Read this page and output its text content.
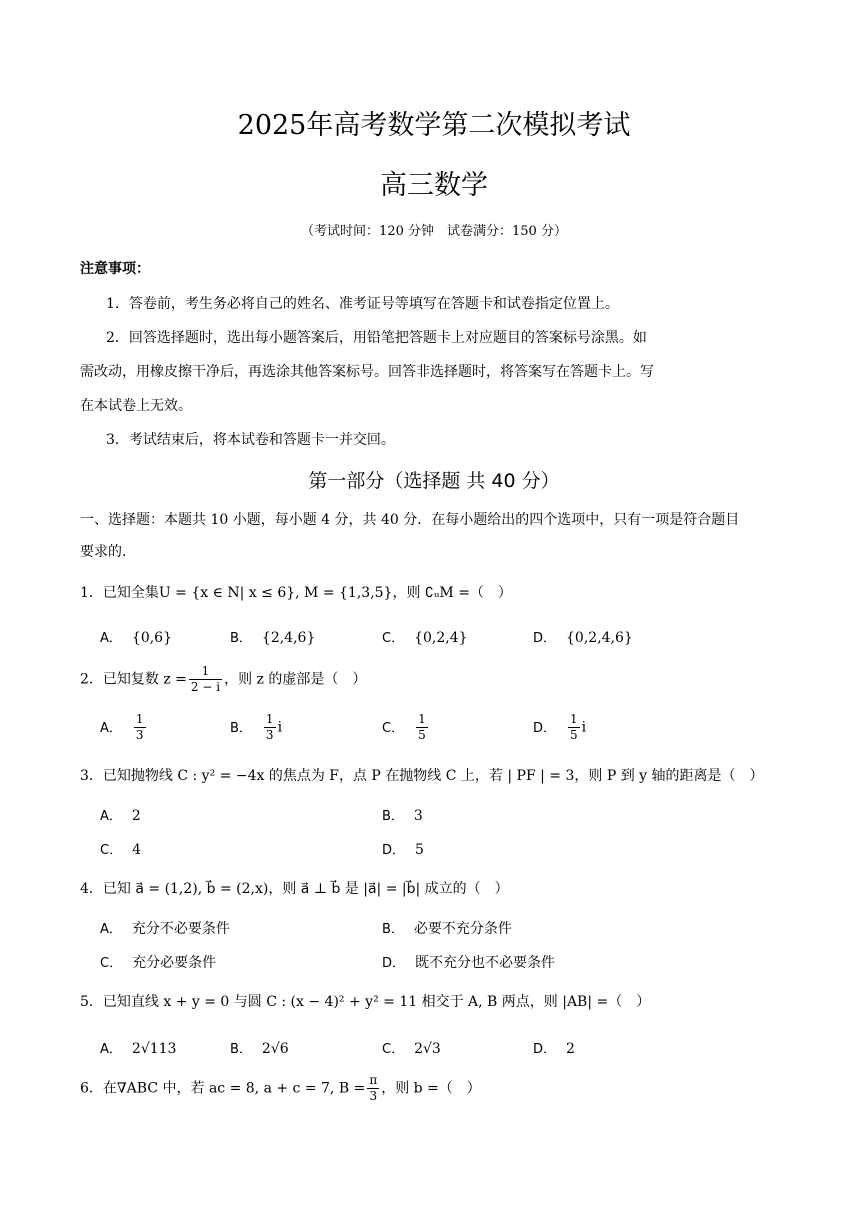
2025年高考数学第二次模拟考试
高三数学
（考试时间：120 分钟　试卷满分：150 分）
注意事项：
1．答卷前，考生务必将自己的姓名、准考证号等填写在答题卡和试卷指定位置上。
2．回答选择题时，选出每小题答案后，用铅笔把答题卡上对应题目的答案标号涂黑。如
需改动，用橡皮擦干净后，再选涂其他答案标号。回答非选择题时，将答案写在答题卡上。写
在本试卷上无效。
3．考试结束后，将本试卷和答题卡一并交回。
第一部分（选择题 共 40 分）
一、选择题：本题共 10 小题，每小题 4 分，共 40 分．在每小题给出的四个选项中，只有一项是符合题目
要求的．
1．已知全集U = {x ∈ N| x ≤ 6}, M = {1,3,5}，则 ∁ᵤM =（　）
A． {0,6}	B． {2,4,6}	C． {0,2,4}	D． {0,2,4,6}
2．已知复数 $z = \frac{1}{2 - i}$ ，则 z 的虚部是（　）
A． $\frac{1}{3}$	B． $\frac{1}{3}$ i	C． $\frac{1}{5}$	D． $\frac{1}{5}$ i
3．已知抛物线 C : y² = −4x 的焦点为 F，点 P 在抛物线 C 上，若 | PF | = 3，则 P 到 y 轴的距离是（　）
A． 2	B． 3
C． 4	D． 5
4．已知 a⃗ = (1,2), b⃗ = (2,x)，则 a⃗ ⊥ b⃗ 是 |a⃗| = |b⃗| 成立的（　）
A． 充分不必要条件	B． 必要不充分条件
C． 充分必要条件	D． 既不充分也不必要条件
5．已知直线 x + y = 0 与圆 C : (x − 4)² + y² = 11 相交于 A, B 两点，则 |AB| =（　）
A． 2√113	B． 2√6	C． 2√3	D． 2
6．在∇ABC 中，若 ac = 8, a + c = 7, $B = \frac{\pi}{3}$ ，则 b =（　）
